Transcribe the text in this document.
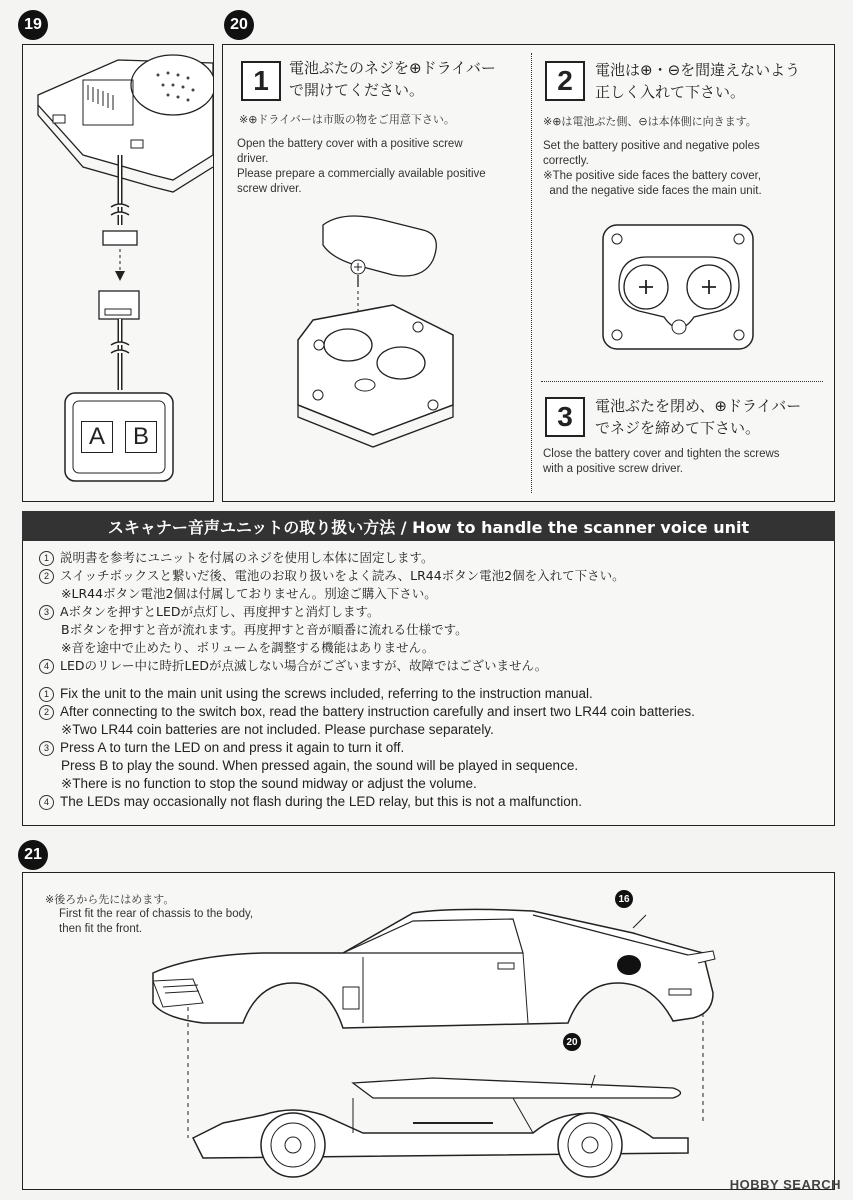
19
A B
20
1	電池ぶたのネジを⊕ドライバー
で開けてください。
※⊕ドライバーは市販の物をご用意下さい。
Open the battery cover with a positive screw
driver.
Please prepare a commercially available positive
screw driver.
2	電池は⊕・⊖を間違えないよう
正しく入れて下さい。
※⊕は電池ぶた側、⊖は本体側に向きます。
Set the battery positive and negative poles
correctly.
※The positive side faces the battery cover,
and the negative side faces the main unit.
3	電池ぶたを閉め、⊕ドライバー
でネジを締めて下さい。
Close the battery cover and tighten the screws
with a positive screw driver.
スキャナー音声ユニットの取り扱い方法 / How to handle the scanner voice unit
1 説明書を参考にユニットを付属のネジを使用し本体に固定します。
2 スイッチボックスと繋いだ後、電池のお取り扱いをよく読み、LR44ボタン電池2個を入れて下さい。
※LR44ボタン電池2個は付属しておりません。別途ご購入下さい。
3 Aボタンを押すとLEDが点灯し、再度押すと消灯します。
Bボタンを押すと音が流れます。再度押すと音が順番に流れる仕様です。
※音を途中で止めたり、ボリュームを調整する機能はありません。
4 LEDのリレー中に時折LEDが点滅しない場合がございますが、故障ではございません。
1 Fix the unit to the main unit using the screws included, referring to the instruction manual.
2 After connecting to the switch box, read the battery instruction carefully and insert two LR44 coin batteries.
※Two LR44 coin batteries are not included. Please purchase separately.
3 Press A to turn the LED on and press it again to turn it off.
Press B to play the sound. When pressed again, the sound will be played in sequence.
※There is no function to stop the sound midway or adjust the volume.
4 The LEDs may occasionally not flash during the LED relay, but this is not a malfunction.
21
※後ろから先にはめます。
First fit the rear of chassis to the body,
then fit the front.
16
20
HOBBY SEARCH
